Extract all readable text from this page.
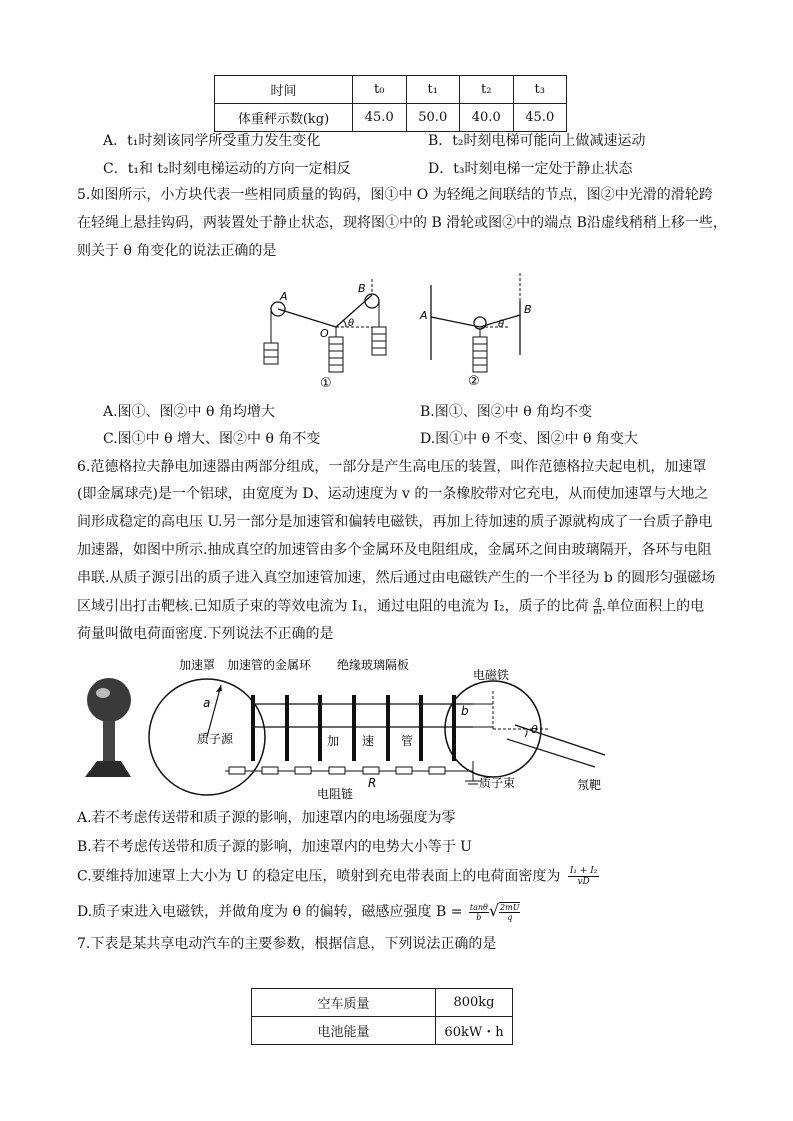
时间	t₀	t₁	t₂	t₃
体重秤示数(kg)	45.0	50.0	40.0	45.0
A．t₁时刻该同学所受重力发生变化	B．t₂时刻电梯可能向上做减速运动
C．t₁和 t₂时刻电梯运动的方向一定相反	D．t₃时刻电梯一定处于静止状态
5.如图所示，小方块代表一些相同质量的钩码，图①中 O 为轻绳之间联结的节点，图②中光滑的滑轮跨
在轻绳上悬挂钩码，两装置处于静止状态，现将图①中的 B 滑轮或图②中的端点 B沿虚线稍稍上移一些，
则关于 θ 角变化的说法正确的是
A
B
O
θ
①
A	B
θ
②
A.图①、图②中 θ 角均增大	B.图①、图②中 θ 角均不变
C.图①中 θ 增大、图②中 θ 角不变	D.图①中 θ 不变、图②中 θ 角变大
6.范德格拉夫静电加速器由两部分组成，一部分是产生高电压的装置，叫作范德格拉夫起电机，加速罩
(即金属球壳)是一个铝球，由宽度为 D、运动速度为 v 的一条橡胶带对它充电，从而使加速罩与大地之
间形成稳定的高电压 U.另一部分是加速管和偏转电磁铁，再加上待加速的质子源就构成了一台质子静电
加速器，如图中所示.抽成真空的加速管由多个金属环及电阻组成，金属环之间由玻璃隔开，各环与电阻
串联.从质子源引出的质子进入真空加速管加速，然后通过由电磁铁产生的一个半径为 b 的圆形匀强磁场
区域引出打击靶核.已知质子束的等效电流为 I₁，通过电阻的电流为 I₂，质子的比荷 $\frac{q}{m}$ .单位面积上的电
荷量叫做电荷面密度.下列说法不正确的是
加速罩 加速管的金属环 绝缘玻璃隔板
电磁铁
a
质子源	加 速 管
b
θ
R
电阻链
质子束	氖靶
A.若不考虑传送带和质子源的影响，加速罩内的电场强度为零
B.若不考虑传送带和质子源的影响，加速罩内的电势大小等于 U
C.要维持加速罩上大小为 U 的稳定电压，喷射到充电带表面上的电荷面密度为 $\frac{\text{I₁ + I₂}}{vD}$
D.质子束进入电磁铁，并做角度为 θ 的偏转，磁感应强度 $B = \frac{\tan\theta}{b}$ √ $\frac{2mU}{q}$
7.下表是某共享电动汽车的主要参数，根据信息，下列说法正确的是
空车质量	800kg
电池能量	60kW・h
